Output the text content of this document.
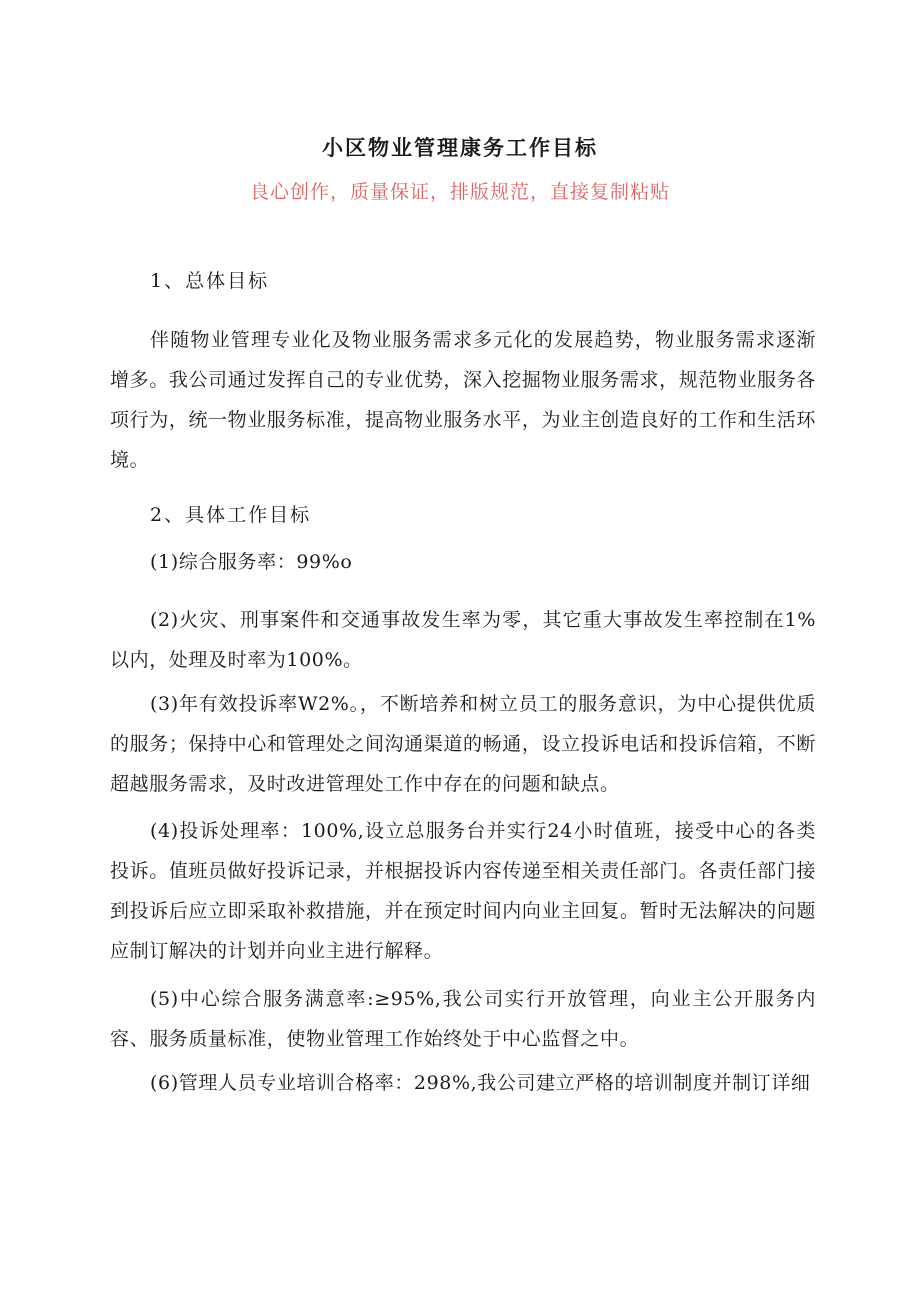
小区物业管理康务工作目标
良心创作，质量保证，排版规范，直接复制粘贴
1、总体目标
伴随物业管理专业化及物业服务需求多元化的发展趋势，物业服务需求逐渐增多。我公司通过发挥自己的专业优势，深入挖掘物业服务需求，规范物业服务各项行为，统一物业服务标准，提高物业服务水平，为业主创造良好的工作和生活环境。
2、具体工作目标
(1)综合服务率：99%o
(2)火灾、刑事案件和交通事故发生率为零，其它重大事故发生率控制在1%以内，处理及时率为100%。
(3)年有效投诉率W2%。，不断培养和树立员工的服务意识，为中心提供优质的服务；保持中心和管理处之间沟通渠道的畅通，设立投诉电话和投诉信箱，不断超越服务需求，及时改进管理处工作中存在的问题和缺点。
(4)投诉处理率：100%,设立总服务台并实行24小时值班，接受中心的各类投诉。值班员做好投诉记录，并根据投诉内容传递至相关责任部门。各责任部门接到投诉后应立即采取补救措施，并在预定时间内向业主回复。暂时无法解决的问题应制订解决的计划并向业主进行解释。
(5)中心综合服务满意率:≥95%,我公司实行开放管理，向业主公开服务内容、服务质量标准，使物业管理工作始终处于中心监督之中。
(6)管理人员专业培训合格率：298%,我公司建立严格的培训制度并制订详细
